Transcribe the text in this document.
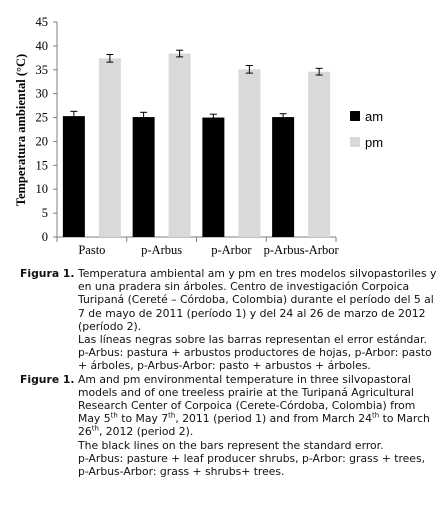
Temperatura ambiental (°C)
0
5
10
15
20
25
30
35
40
45
Pasto	p-Arbus p-Arbor p-Arbus-Arbor
am
pm
Figura 1. Temperatura ambiental am y pm en tres modelos silvopastoriles y en una pradera sin árboles. Centro de investigación Corpoica Turipaná (Cereté – Córdoba, Colombia) durante el período del 5 al 7 de mayo de 2011 (período 1) y del 24 al 26 de marzo de 2012 (período 2).

Las líneas negras sobre las barras representan el error estándar.

p-Arbus: pastura + arbustos productores de hojas, p-Arbor: pasto + árboles, p-Arbus-Arbor: pasto + arbustos + árboles.

Figure 1. Am and pm environmental temperature in three silvopastoral models and of one treeless prairie at the Turipaná Agricultural Research Center of Corpoica (Cerete-Córdoba, Colombia) from May 5th to May 7th, 2011 (period 1) and from March 24th to March 26th, 2012 (period 2).

The black lines on the bars represent the standard error.

p-Arbus: pasture + leaf producer shrubs, p-Arbor: grass + trees, p-Arbus-Arbor: grass + shrubs+ trees.
